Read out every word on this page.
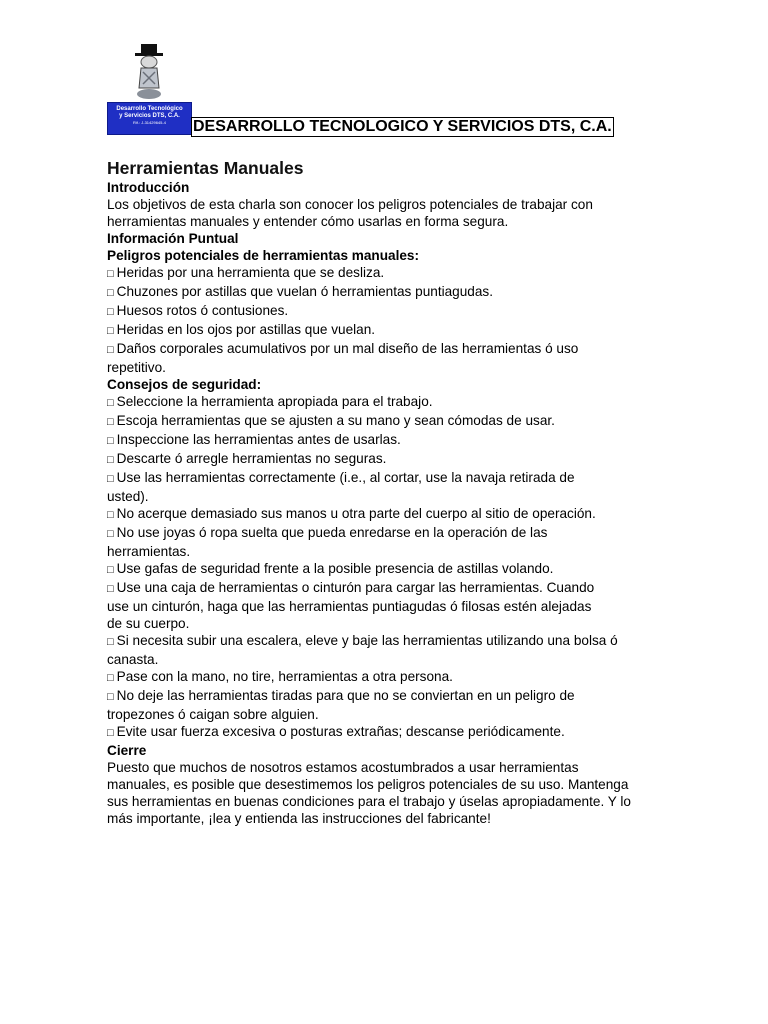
Desarrollo Tecnológico
y Servicios DTS, C.A.
Rif.: J-31429645-4	DESARROLLO TECNOLOGICO Y SERVICIOS DTS, C.A.
Herramientas Manuales
Introducción
Los objetivos de esta charla son conocer los peligros potenciales de trabajar con
herramientas manuales y entender cómo usarlas en forma segura.
Información Puntual
Peligros potenciales de herramientas manuales:
□ Heridas por una herramienta que se desliza.
□ Chuzones por astillas que vuelan ó herramientas puntiagudas.
□ Huesos rotos ó contusiones.
□ Heridas en los ojos por astillas que vuelan.
□ Daños corporales acumulativos por un mal diseño de las herramientas ó uso
repetitivo.
Consejos de seguridad:
□ Seleccione la herramienta apropiada para el trabajo.
□ Escoja herramientas que se ajusten a su mano y sean cómodas de usar.
□ Inspeccione las herramientas antes de usarlas.
□ Descarte ó arregle herramientas no seguras.
□ Use las herramientas correctamente (i.e., al cortar, use la navaja retirada de
usted).
□ No acerque demasiado sus manos u otra parte del cuerpo al sitio de operación.
□ No use joyas ó ropa suelta que pueda enredarse en la operación de las
herramientas.
□ Use gafas de seguridad frente a la posible presencia de astillas volando.
□ Use una caja de herramientas o cinturón para cargar las herramientas. Cuando
use un cinturón, haga que las herramientas puntiagudas ó filosas estén alejadas
de su cuerpo.
□ Si necesita subir una escalera, eleve y baje las herramientas utilizando una bolsa ó
canasta.
□ Pase con la mano, no tire, herramientas a otra persona.
□ No deje las herramientas tiradas para que no se conviertan en un peligro de
tropezones ó caigan sobre alguien.
□ Evite usar fuerza excesiva o posturas extrañas; descanse periódicamente.
Cierre
Puesto que muchos de nosotros estamos acostumbrados a usar herramientas
manuales, es posible que desestimemos los peligros potenciales de su uso. Mantenga
sus herramientas en buenas condiciones para el trabajo y úselas apropiadamente. Y lo
más importante, ¡lea y entienda las instrucciones del fabricante!
